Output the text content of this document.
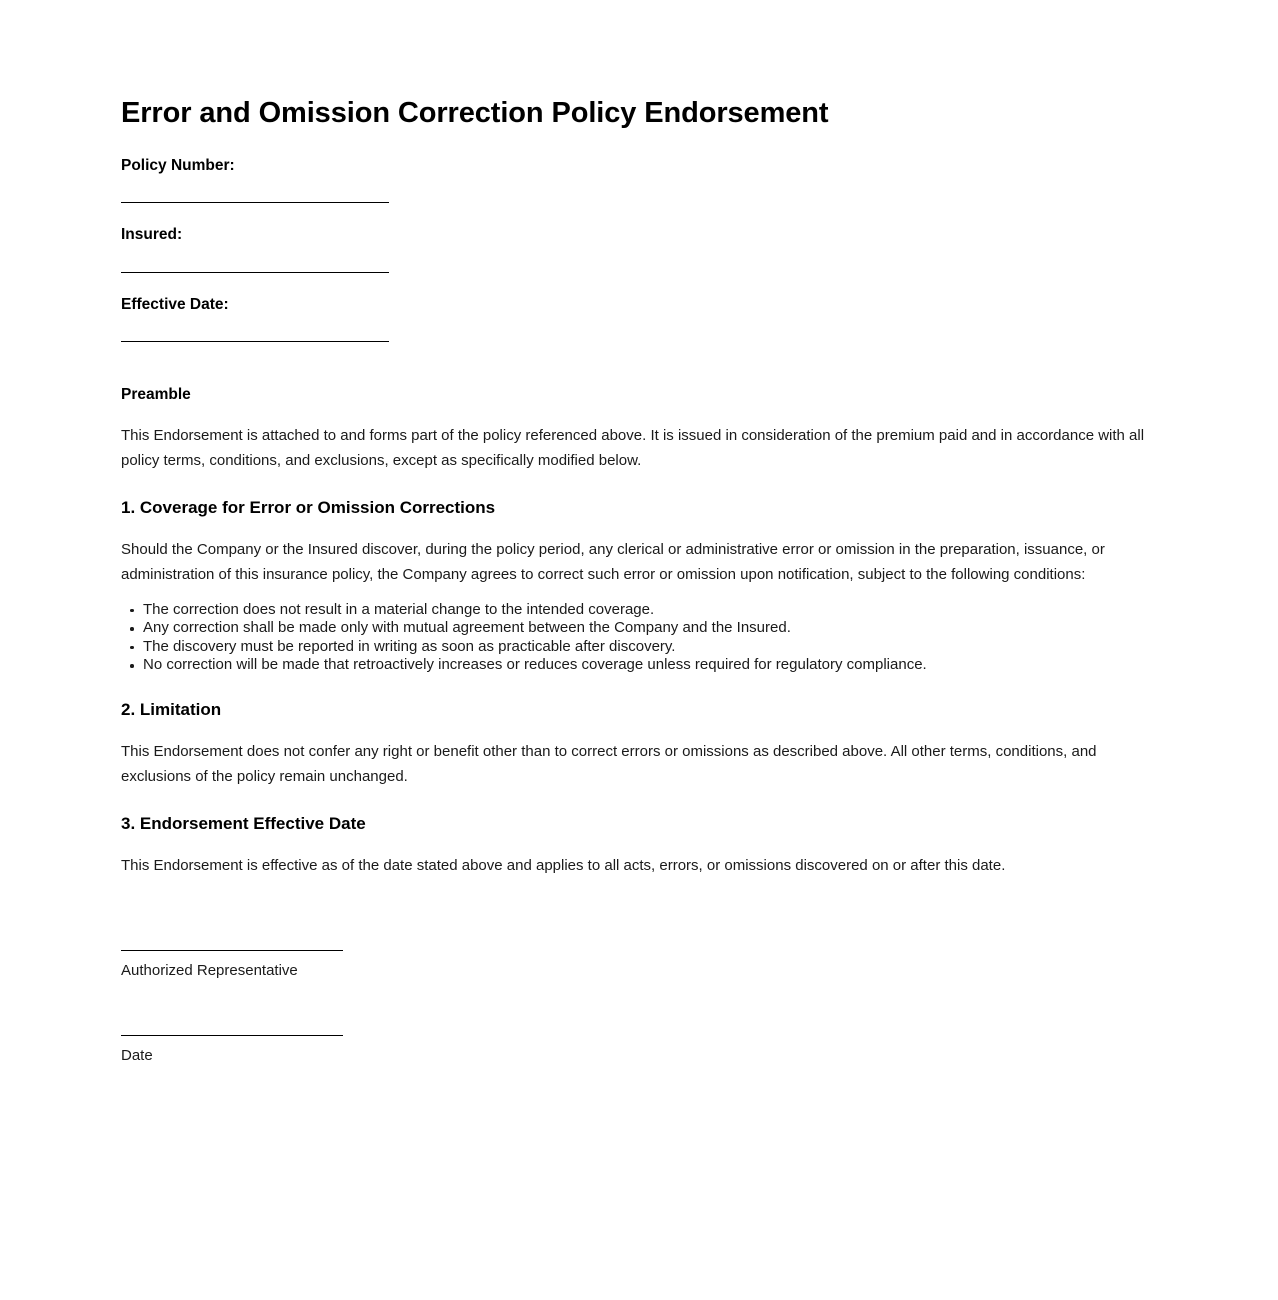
Error and Omission Correction Policy Endorsement
Policy Number:
Insured:
Effective Date:
Preamble

This Endorsement is attached to and forms part of the policy referenced above. It is issued in consideration of the premium paid and in accordance with all policy terms, conditions, and exclusions, except as specifically modified below.

1. Coverage for Error or Omission Corrections

Should the Company or the Insured discover, during the policy period, any clerical or administrative error or omission in the preparation, issuance, or administration of this insurance policy, the Company agrees to correct such error or omission upon notification, subject to the following conditions:

The correction does not result in a material change to the intended coverage.
Any correction shall be made only with mutual agreement between the Company and the Insured.
The discovery must be reported in writing as soon as practicable after discovery.
No correction will be made that retroactively increases or reduces coverage unless required for regulatory compliance.
2. Limitation

This Endorsement does not confer any right or benefit other than to correct errors or omissions as described above. All other terms, conditions, and exclusions of the policy remain unchanged.

3. Endorsement Effective Date

This Endorsement is effective as of the date stated above and applies to all acts, errors, or omissions discovered on or after this date.

Authorized Representative
Date
